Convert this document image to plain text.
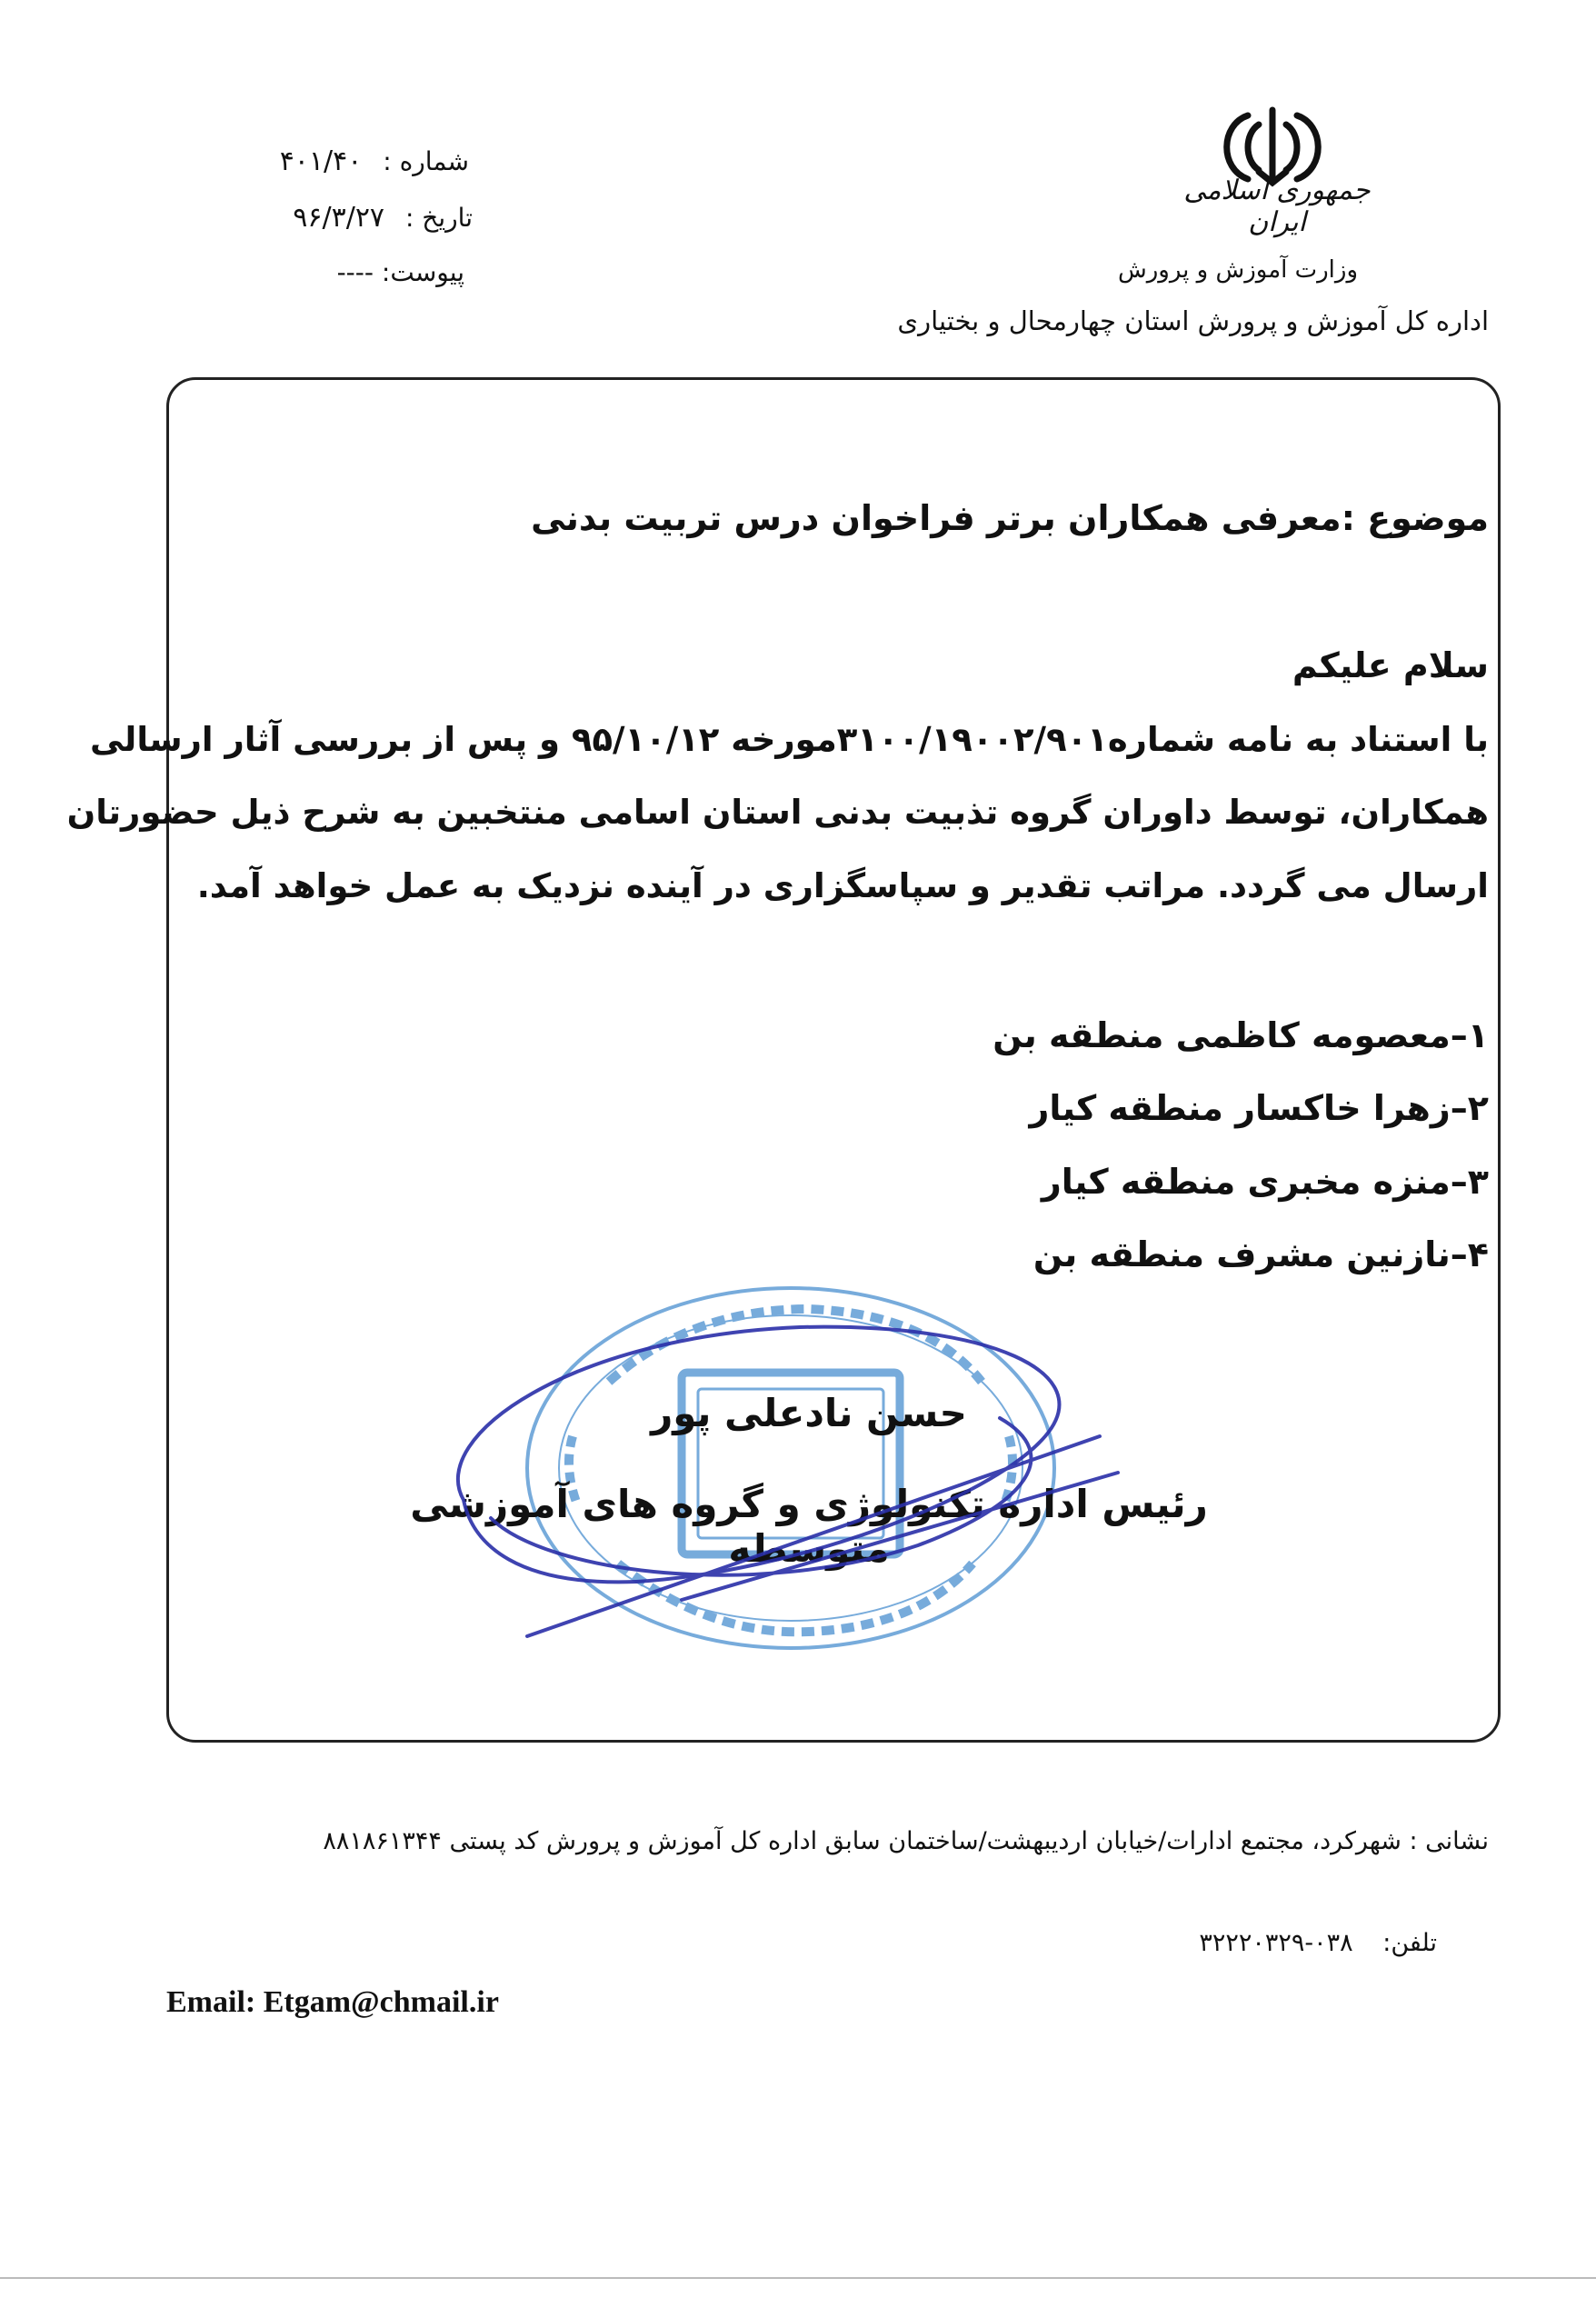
جمهوری اسلامی ایران
وزارت آموزش و پرورش
اداره کل آموزش و پرورش استان چهارمحال و بختیاری
شماره : ۴۰۱/۴۰
تاریخ : ۹۶/۳/۲۷
پیوست: ----
موضوع :معرفی همکاران برتر فراخوان درس تربیت بدنی
سلام علیکم
با استناد به نامه شماره۳۱۰۰/۱۹۰۰۲/۹۰۱مورخه ۹۵/۱۰/۱۲ و پس از بررسی آثار ارسالی
همکاران، توسط داوران گروه تذبیت بدنی استان اسامی منتخبین به شرح ذیل حضورتان
ارسال می گردد. مراتب تقدیر و سپاسگزاری در آینده نزدیک به عمل خواهد آمد.
۱–معصومه کاظمی منطقه بن
۲–زهرا خاکسار منطقه کیار
۳–منزه مخبری منطقه کیار
۴–نازنین مشرف منطقه بن
حسن نادعلی پور
رئیس اداره تکنولوژی و گروه های آموزشی متوسطه
نشانی : شهرکرد، مجتمع ادارات/خیابان اردیبهشت/ساختمان سابق اداره کل آموزش و پرورش کد پستی ۸۸۱۸۶۱۳۴۴
تلفن: ۰۳۸-۳۲۲۲۰۳۲۹
Email: Etgam@chmail.ir
